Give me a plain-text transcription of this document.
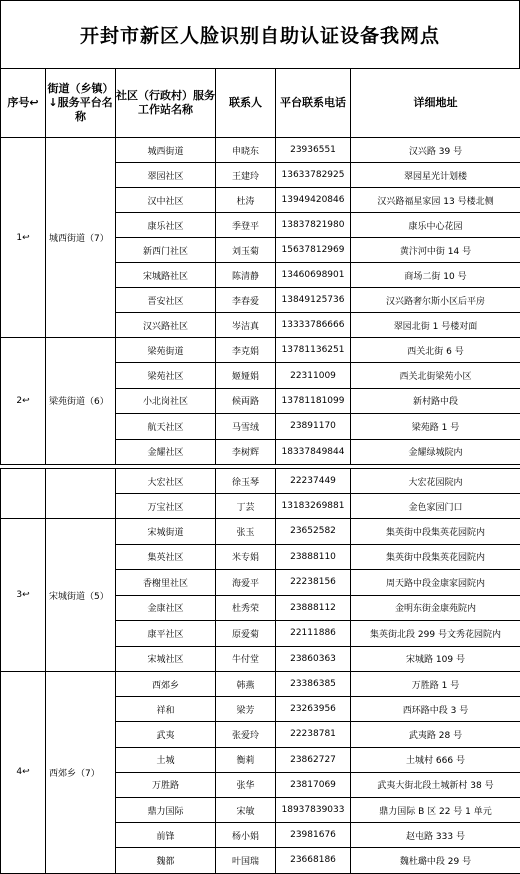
开封市新区人脸识别自助认证设备我网点
序号↩	街道（乡镇）↓服务平台名称	社区（行政村）服务工作站名称	联系人	平台联系电话	详细地址
1↩	城西街道（7）	城西街道	申晓东	23936551	汉兴路 39 号
		翠园社区	王建玲	13633782925	翠园星光计划楼
		汉中社区	杜涛	13949420846	汉兴路福星家园 13 号楼北侧
		康乐社区	季登平	13837821980	康乐中心花园
		新西门社区	刘玉菊	15637812969	黄汴河中街 14 号
		宋城路社区	陈清静	13460698901	商场二街 10 号
		晋安社区	李春爱	13849125736	汉兴路奢尔斯小区后平房
		汉兴路社区	岑洁真	13333786666	翠园北街 1 号楼对面
2↩	梁苑街道（6）	梁苑街道	李克娟	13781136251	西关北街 6 号
		梁苑社区	姬娅娟	22311009	西关北街梁苑小区
		小北岗社区	候両路	13781181099	新村路中段
		航天社区	马雪绒	23891170	梁苑路 1 号
		金耀社区	李树辉	18337849844	金耀绿城院内
		大宏社区	徐玉琴	22237449	大宏花园院内
		万宝社区	丁芸	13183269881	金色家园门口
3↩	宋城街道（5）	宋城街道	张玉	23652582	集英街中段集英花园院内
		集英社区	米专娟	23888110	集英街中段集英花园院内
		香榭里社区	海爱平	22238156	周天路中段金康家园院内
		金康社区	杜秀荣	23888112	金明东街金康苑院内
		康平社区	原爱菊	22111886	集英街北段 299 号文秀花园院内
		宋城社区	牛付堂	23860363	宋城路 109 号
4↩	西郊乡（7）	西郊乡	韩燕	23386385	万胜路 1 号
		祥和	梁芳	23263956	西环路中段 3 号
		武夷	张爱玲	22238781	武夷路 28 号
		土城	衡莉	23862727	土城村 666 号
		万胜路	张华	23817069	武夷大街北段土城新村 38 号
		鼎力国际	宋敏	18937839033	鼎力国际 B 区 22 号 1 单元
		前锋	杨小娟	23981676	赵屯路 333 号
		魏都	叶国瑞	23668186	魏杜璐中段 29 号
